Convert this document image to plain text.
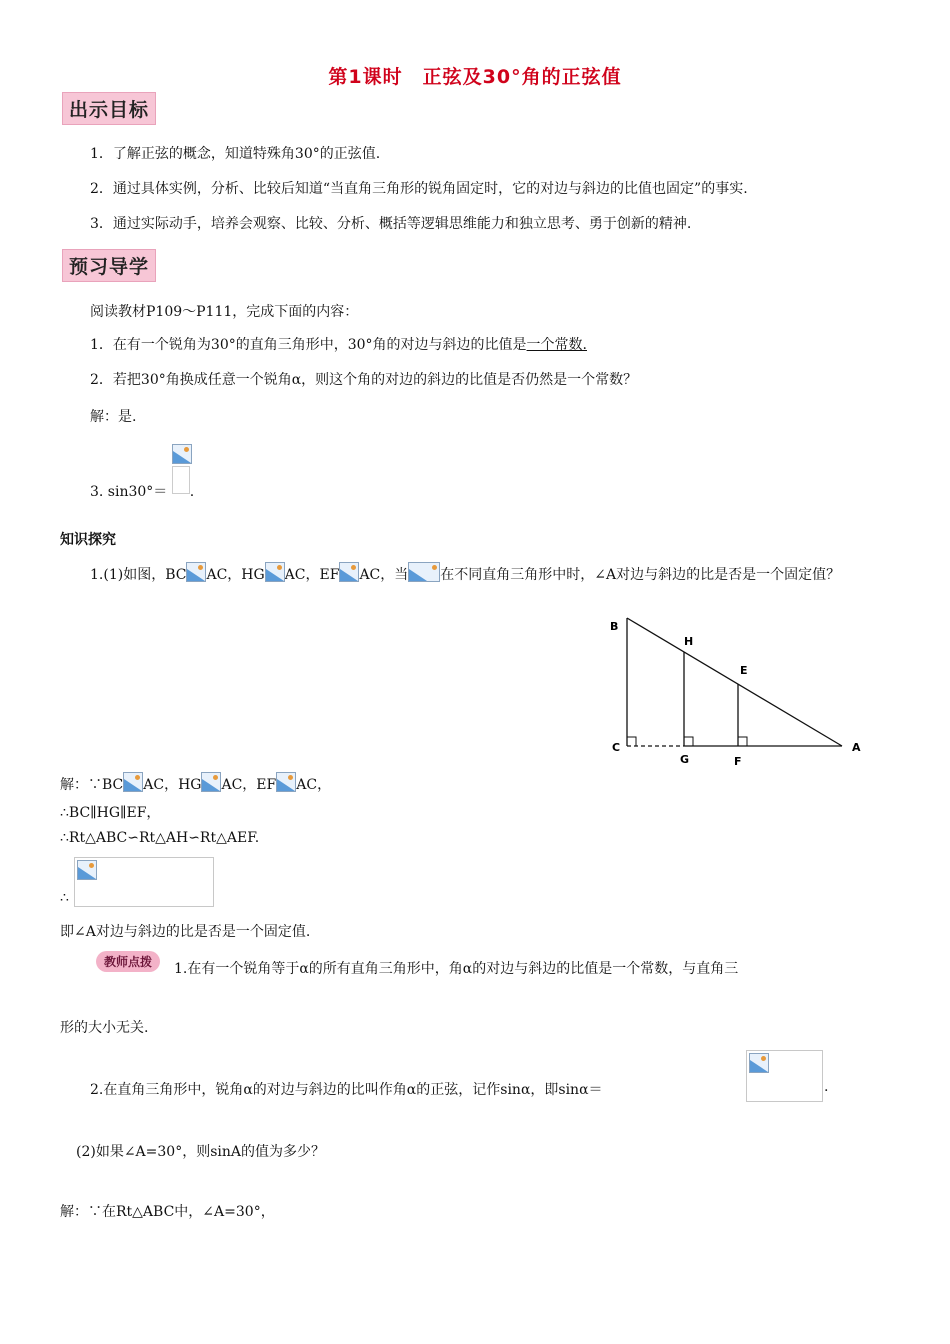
第1课时　正弦及30°角的正弦值
出示目标
1．了解正弦的概念，知道特殊角30°的正弦值.
2．通过具体实例，分析、比较后知道“当直角三角形的锐角固定时，它的对边与斜边的比值也固定”的事实.
3．通过实际动手，培养会观察、比较、分析、概括等逻辑思维能力和独立思考、勇于创新的精神.
预习导学
阅读教材P109～P111，完成下面的内容：
1．在有一个锐角为30°的直角三角形中，30°角的对边与斜边的比值是一个常数.
2．若把30°角换成任意一个锐角α，则这个角的对边的斜边的比值是否仍然是一个常数？
解：是.
3. sin30°＝ .
知识探究
1.(1)如图，BC AC，HG AC，EF AC，当 在不同直角三角形中时，∠A对边与斜边的比是否是一个固定值？
B
H
E
C
G	F
A
解：∵BC AC，HG AC，EF AC，
∴BC∥HG∥EF，
∴Rt△ABC∽Rt△AH∽Rt△AEF.
∴
即∠A对边与斜边的比是否是一个固定值.
教师点拨	1.在有一个锐角等于α的所有直角三角形中，角α的对边与斜边的比值是一个常数，与直角三
形的大小无关.
2.在直角三角形中，锐角α的对边与斜边的比叫作角α的正弦，记作sinα，即sinα＝	.
(2)如果∠A=30°，则sinA的值为多少？
解：∵在Rt△ABC中，∠A=30°，
